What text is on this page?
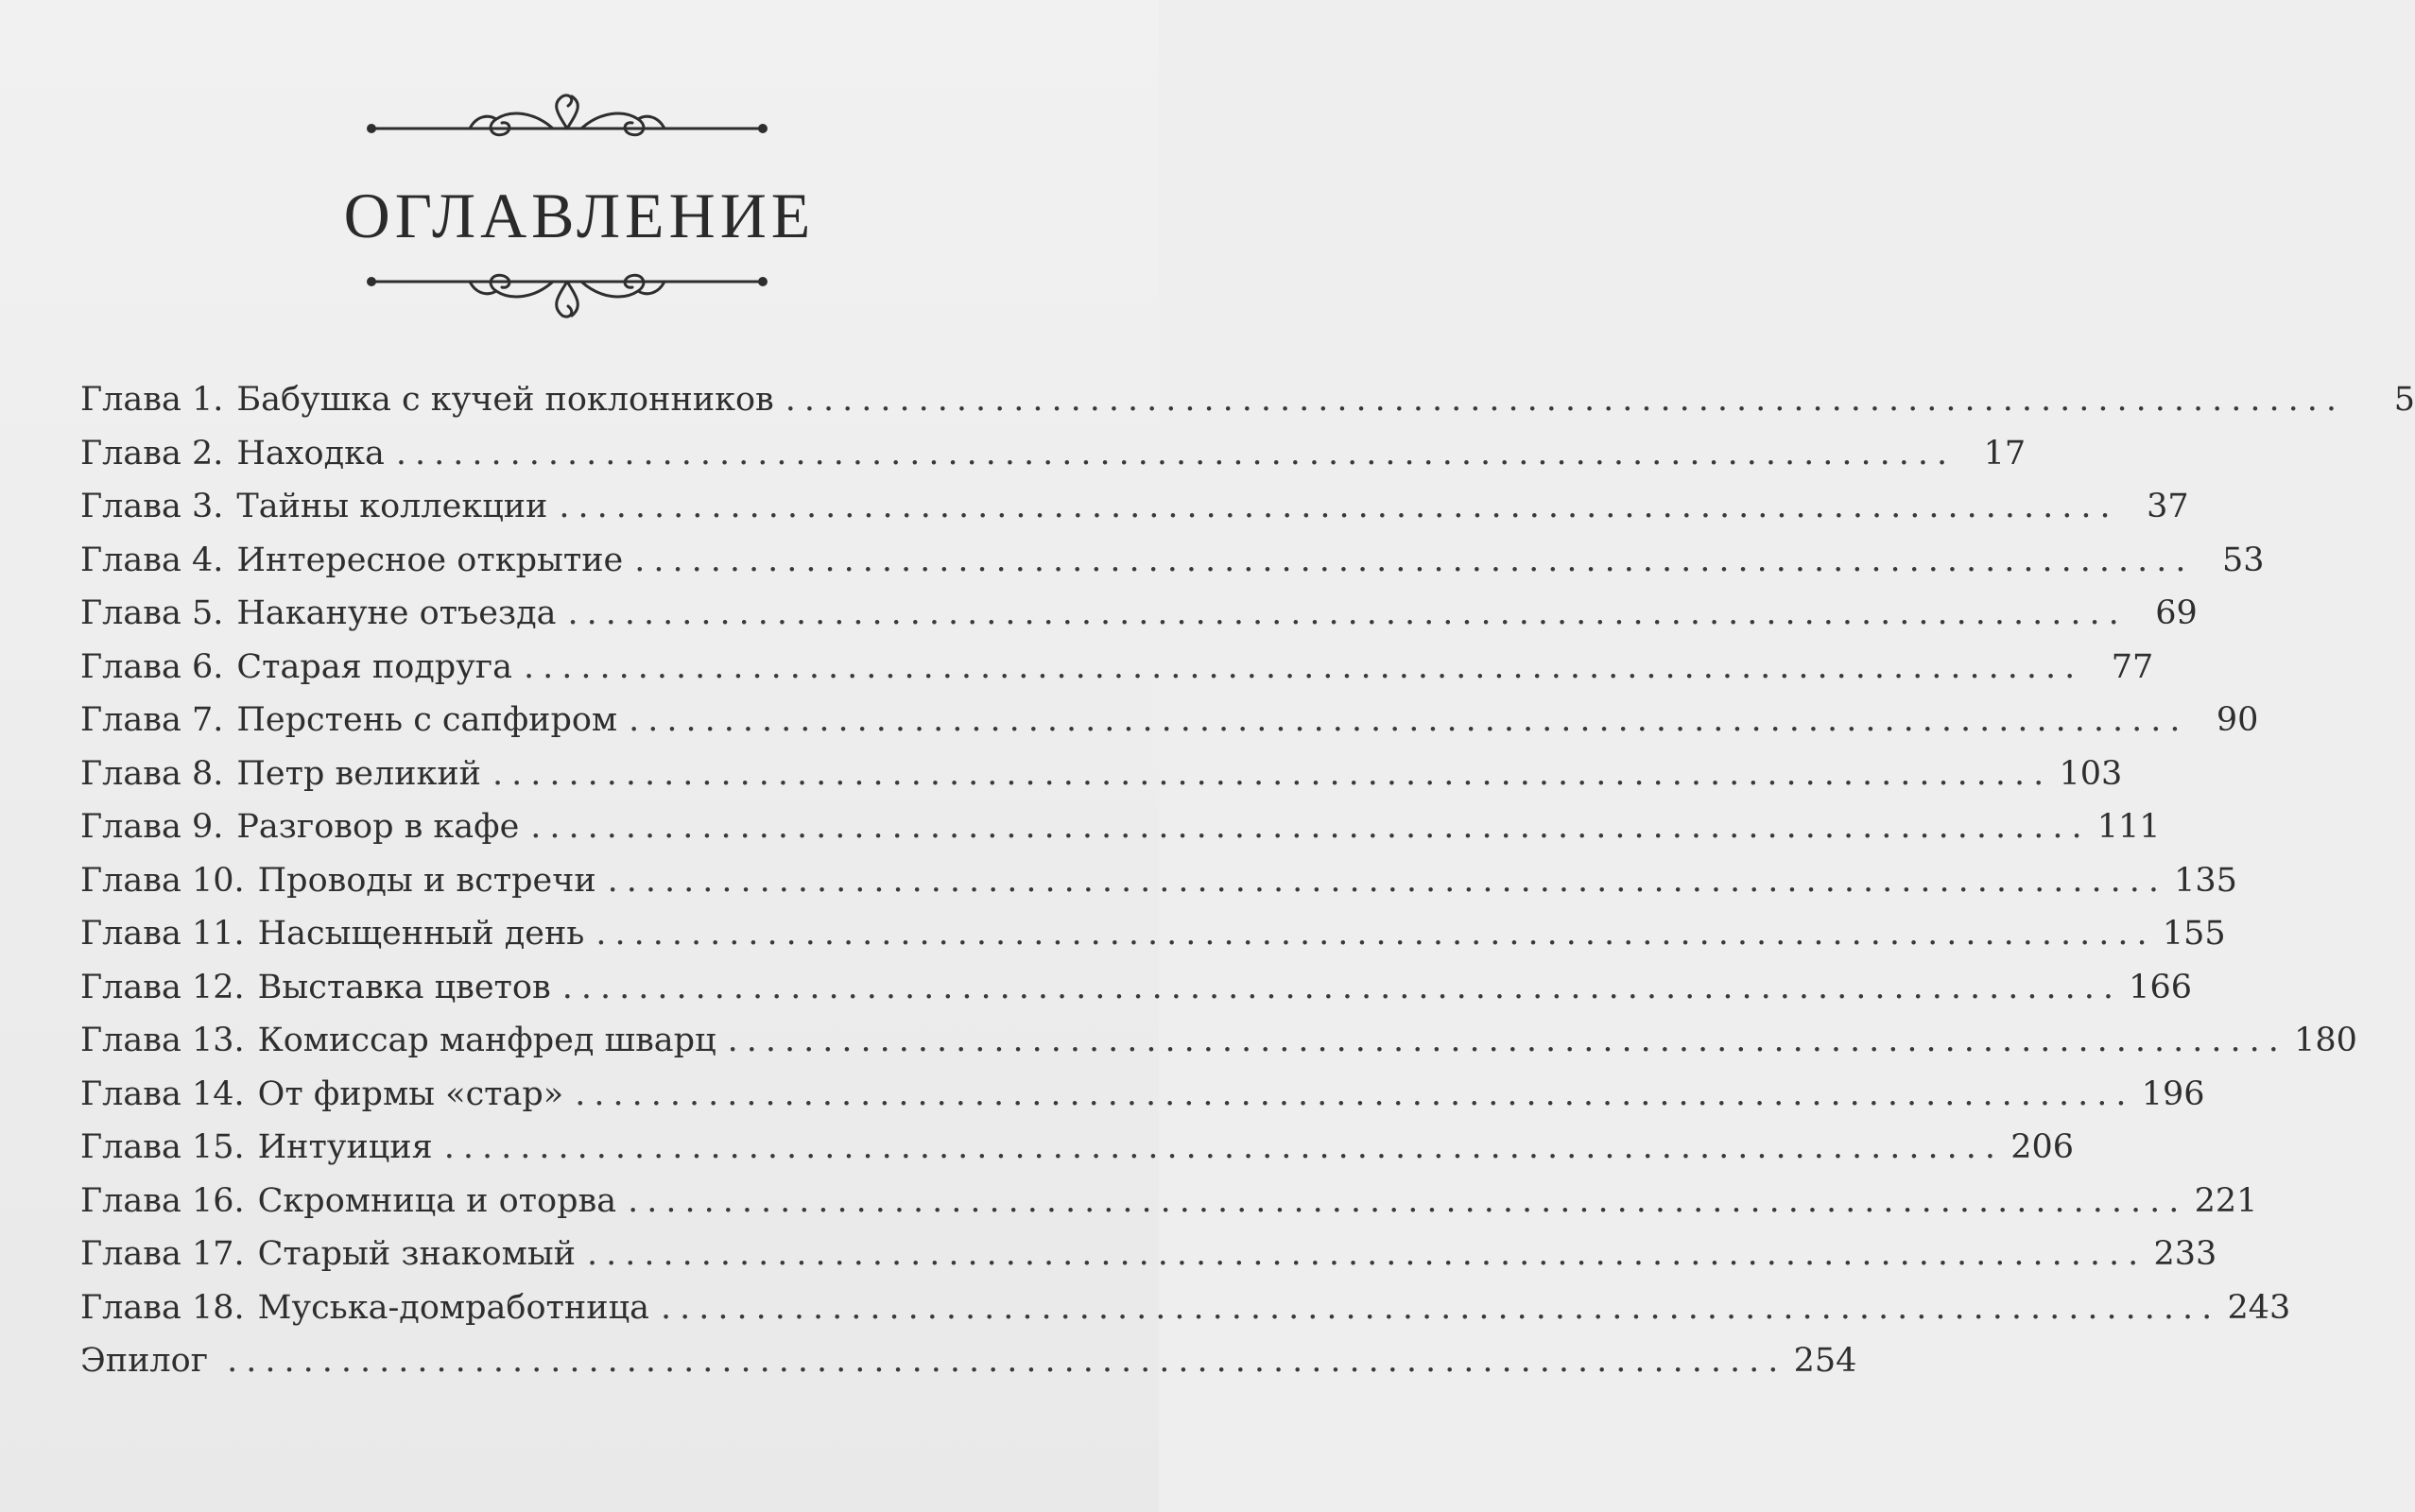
ОГЛАВЛЕНИЕ
Глава 1. Бабушка с кучей поклонников ..................................................................................	5
Глава 2. Находка .................................................................................. 17
Глава 3. Тайны коллекции .................................................................................. 37
Глава 4. Интересное открытие .................................................................................. 53
Глава 5. Накануне отъезда .................................................................................. 69
Глава 6. Старая подруга .................................................................................. 77
Глава 7. Перстень с сапфиром .................................................................................. 90
Глава 8. Петр великий .................................................................................. 103
Глава 9. Разговор в кафе .................................................................................. 111
Глава 10. Проводы и встречи .................................................................................. 135
Глава 11. Насыщенный день .................................................................................. 155
Глава 12. Выставка цветов .................................................................................. 166
Глава 13. Комиссар манфред шварц .................................................................................. 180
Глава 14. От фирмы «стар» .................................................................................. 196
Глава 15. Интуиция .................................................................................. 206
Глава 16. Скромница и оторва .................................................................................. 221
Глава 17. Старый знакомый .................................................................................. 233
Глава 18. Муська-домработница .................................................................................. 243
Эпилог .................................................................................. 254
